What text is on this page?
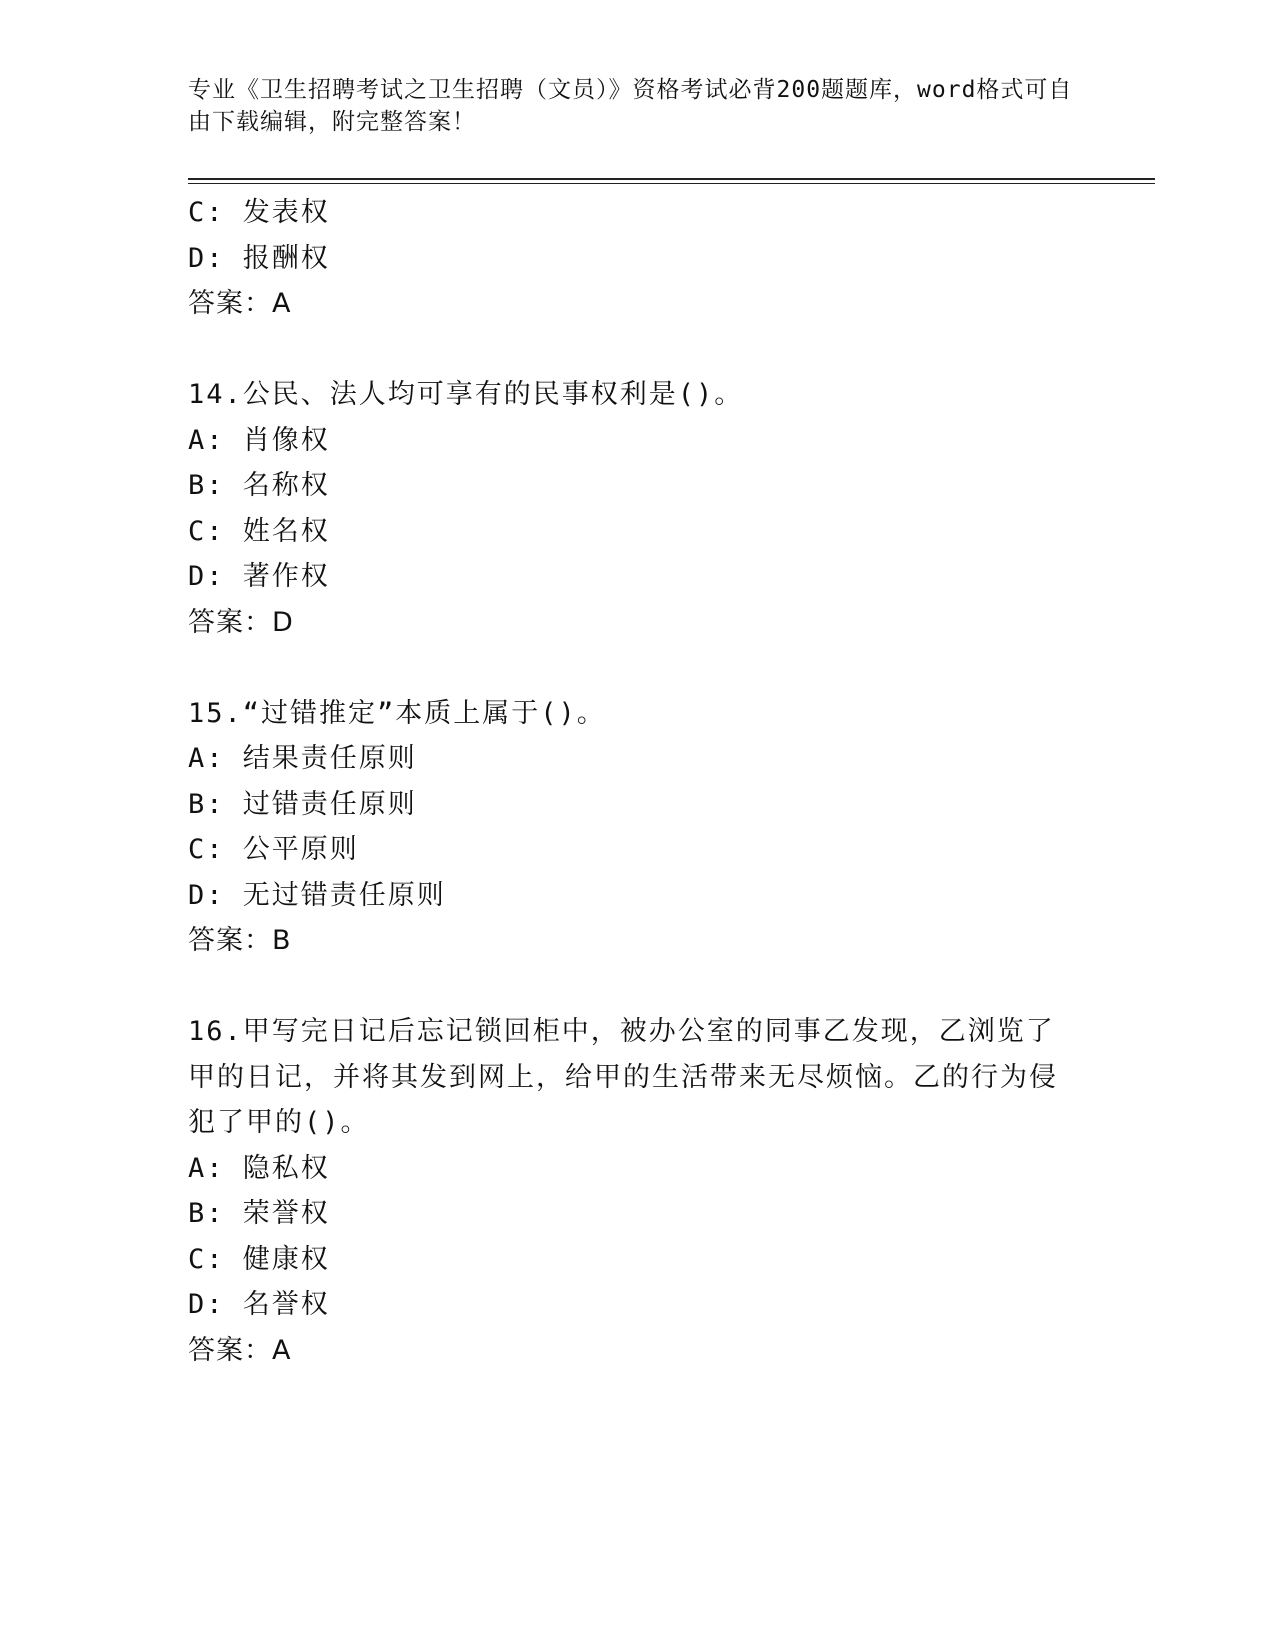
专业《卫生招聘考试之卫生招聘（文员）》资格考试必背200题题库，word格式可自由下载编辑，附完整答案！
C: 发表权
D: 报酬权
答案：A
14.公民、法人均可享有的民事权利是()。
A: 肖像权
B: 名称权
C: 姓名权
D: 著作权
答案：D
15.“过错推定”本质上属于()。
A: 结果责任原则
B: 过错责任原则
C: 公平原则
D: 无过错责任原则
答案：B
16.甲写完日记后忘记锁回柜中，被办公室的同事乙发现，乙浏览了甲的日记，并将其发到网上，给甲的生活带来无尽烦恼。乙的行为侵犯了甲的()。
A: 隐私权
B: 荣誉权
C: 健康权
D: 名誉权
答案：A
